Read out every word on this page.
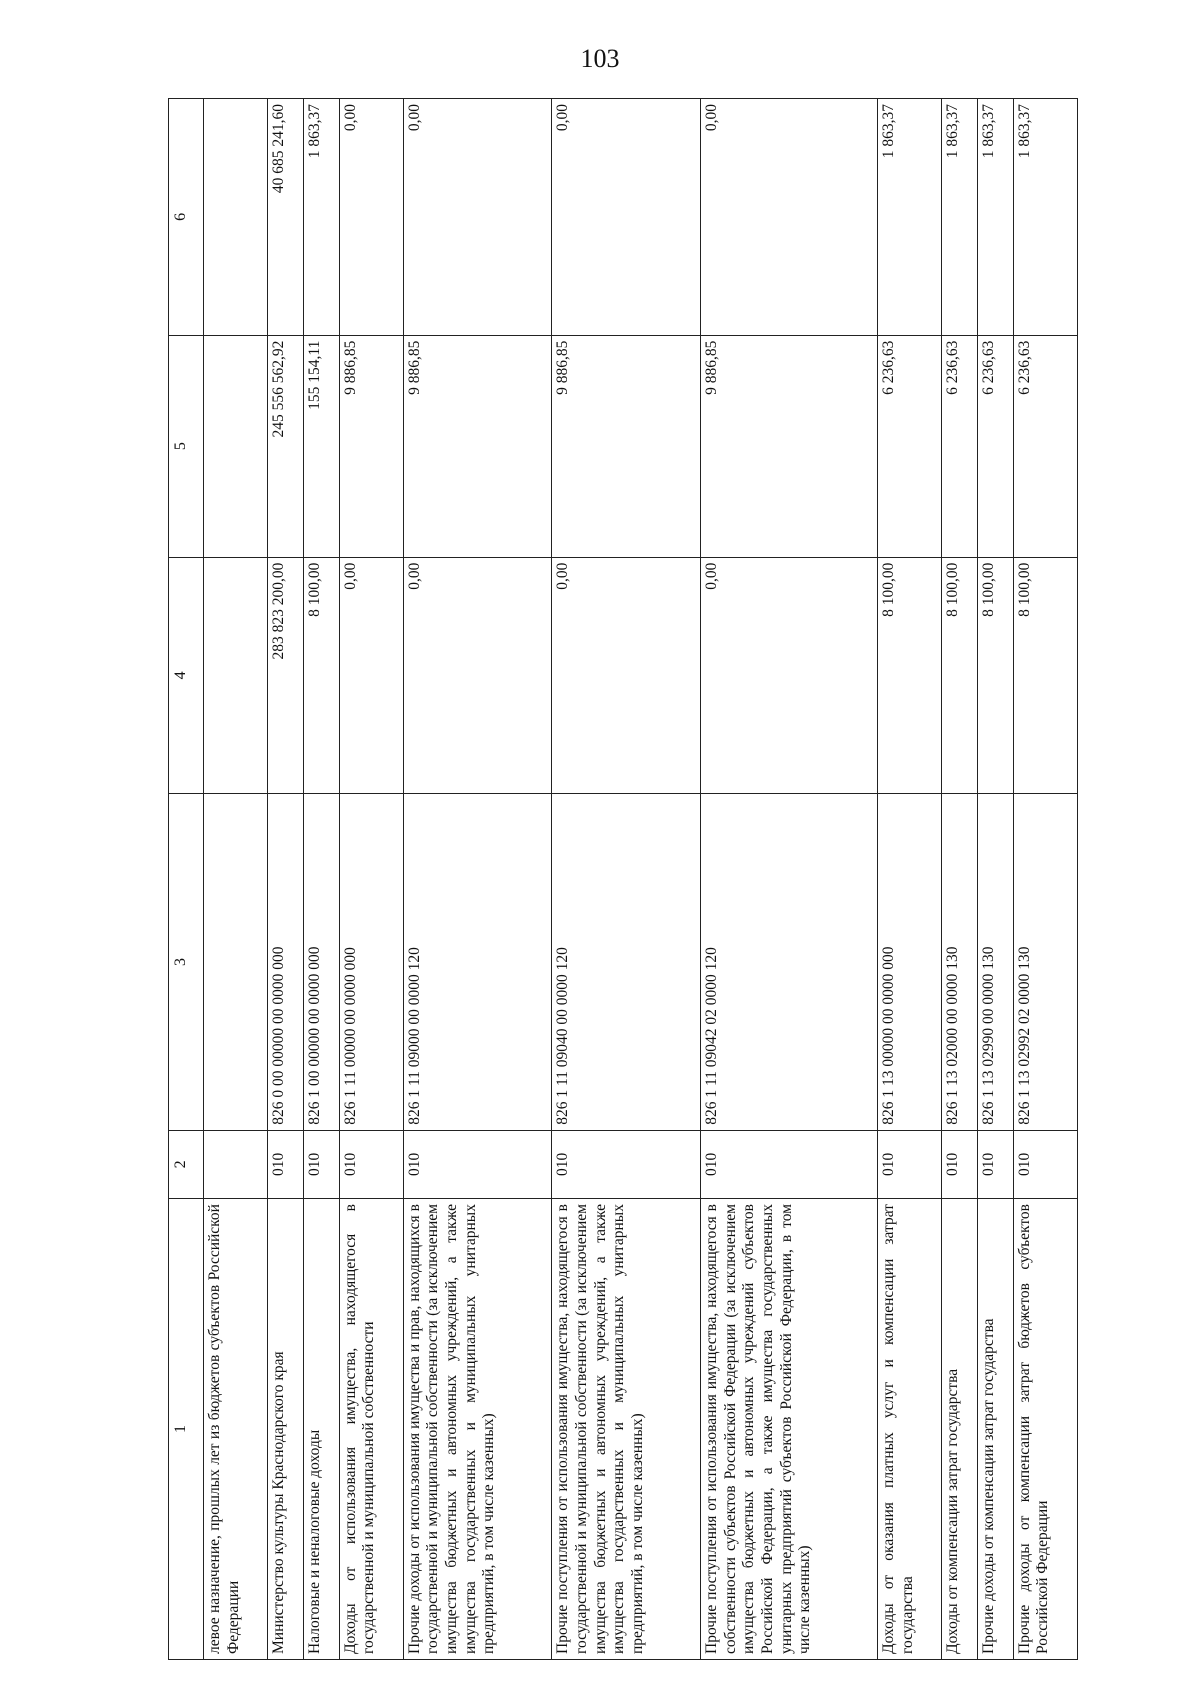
103
1	2	3	4	5	6
левое назначение, прошлых лет из бюджетов субъектов Российской Федерации					
Министерство культуры Краснодарского края	010	826 0 00 00000 00 0000 000	283 823 200,00	245 556 562,92	40 685 241,60
Налоговые и неналоговые доходы	010	826 1 00 00000 00 0000 000	8 100,00	155 154,11	1 863,37
Доходы от использования имущества, находящегося в государственной и муниципальной собственности	010	826 1 11 00000 00 0000 000	0,00	9 886,85	0,00
Прочие доходы от использования имущества и прав, находящихся в государственной и муниципальной собственности (за исключением имущества бюджетных и автономных учреждений, а также имущества государственных и муниципальных унитарных предприятий, в том числе казенных)	010	826 1 11 09000 00 0000 120	0,00	9 886,85	0,00
Прочие поступления от использования имущества, находящегося в государственной и муниципальной собственности (за исключением имущества бюджетных и автономных учреждений, а также имущества государственных и муниципальных унитарных предприятий, в том числе казенных)	010	826 1 11 09040 00 0000 120	0,00	9 886,85	0,00
Прочие поступления от использования имущества, находящегося в собственности субъектов Российской Федерации (за исключением имущества бюджетных и автономных учреждений субъектов Российской Федерации, а также имущества государственных унитарных предприятий субъектов Российской Федерации, в том числе казенных)	010	826 1 11 09042 02 0000 120	0,00	9 886,85	0,00
Доходы от оказания платных услуг и компенсации затрат государства	010	826 1 13 00000 00 0000 000	8 100,00	6 236,63	1 863,37
Доходы от компенсации затрат государства	010	826 1 13 02000 00 0000 130	8 100,00	6 236,63	1 863,37
Прочие доходы от компенсации затрат государства	010	826 1 13 02990 00 0000 130	8 100,00	6 236,63	1 863,37
Прочие доходы от компенсации затрат бюджетов субъектов Российской Федерации	010	826 1 13 02992 02 0000 130	8 100,00	6 236,63	1 863,37
